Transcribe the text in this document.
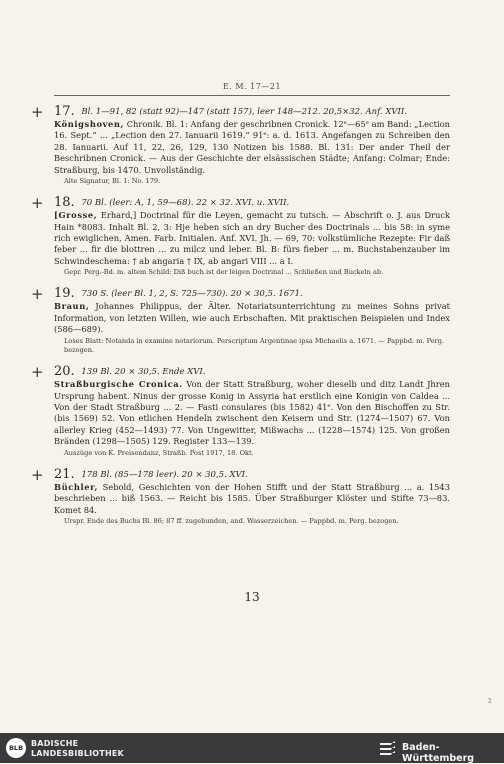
E. M. 17—21
+ 17. Bl. 1—91, 82 (statt 92)—147 (statt 157), leer 148—212. 20,5×32. Anf. XVII.
Königshoven, Chronik. Bl. 1: Anfang der geschribnen Cronick. 12ᵉ—65ᵉ am Band: „Lection 16. Sept.“ ... „Lection den 27. Ianuarii 1619.“ 91ᵉ: a. d. 1613. Angefangen zu Schreiben den 28. Ianuarii. Auf 11, 22, 26, 129, 130 Notizen bis 1588. Bl. 131: Der ander Theil der Beschribnen Cronick. — Aus der Geschichte der elsässischen Städte; Anfang: Colmar; Ende: Straßburg, bis 1470. Unvollständig.
Alte Signatur, Bl. 1: No. 179.
+ 18. 70 Bl. (leer: A, 1, 59—68). 22 × 32. XVI. u. XVII.
[Grosse, Erhard,] Doctrinal für die Leyen, gemacht zu tutsch. — Abschrift o. J. aus Druck Hain *8083. Inhalt Bl. 2, 3: Hje heben sich an dry Bucher des Doctrinals ... bis 58: in syme rich ewiglichen, Amen. Farb. Initialen. Anf. XVI. Jh. — 69, 70: volkstümliche Rezepte: Fir daß feber ... fir die blottren ... zu milcz und leber. Bl. B: fürs fieber ... m. Buchstabenzauber im Schwindeschema: † ab angaria † IX, ab angari VIII ... a I.
Gepr. Perg.-Bd. m. altem Schild: Diß buch ist der leigen Doctrinal ... Schließen und Buckeln ab.
+ 19. 730 S. (leer Bl. 1, 2, S. 725—730). 20 × 30,5. 1671.
Braun, Johannes Philippus, der Älter. Notariatsunterrichtung zu meines Sohns privat Information, von letzten Willen, wie auch Erbschaften. Mit praktischen Beispielen und Index (586—689).
Loses Blatt: Notanda in examine notariorum. Perscriptum Argentinae ipsa Michaelis a. 1671. — Pappbd. m. Perg. bezogen.
+ 20. 139 Bl. 20 × 30,5. Ende XVI.
Straßburgische Cronica. Von der Statt Straßburg, woher dieselb und ditz Landt Jhren Ursprung habent. Ninus der grosse Konig in Assyria hat erstlich eine Konigin von Caldea ... Von der Stadt Straßburg ... 2. — Fasti consulares (bis 1582) 41ᵉ. Von den Bischoffen zu Str. (bis 1569) 52. Von etlichen Hendeln zwischent den Keisern und Str. (1274—1507) 67. Von allerley Krieg (452—1493) 77. Von Ungewitter, Mißwachs ... (1228—1574) 125. Von großen Bränden (1298—1505) 129. Register 133—139.
Auszüge von K. Preisendanz, Straßb. Post 1917, 18. Okt.
+ 21. 178 Bl. (85—178 leer). 20 × 30,5. XVI.
Büchler, Sebold, Geschichten von der Hohen Stifft und der Statt Straßburg ... a. 1543 beschrieben ... biß 1563. — Reicht bis 1585. Über Straßburger Klöster und Stifte 73—83. Komet 84.
Urspr. Ende des Buchs Bl. 86; 87 ff. zugebunden, and. Wasserzeichen. — Pappbd. m. Perg. bezogen.
13
2
BLB BADISCHE
LANDESBIBLIOTHEK	Baden-Württemberg
